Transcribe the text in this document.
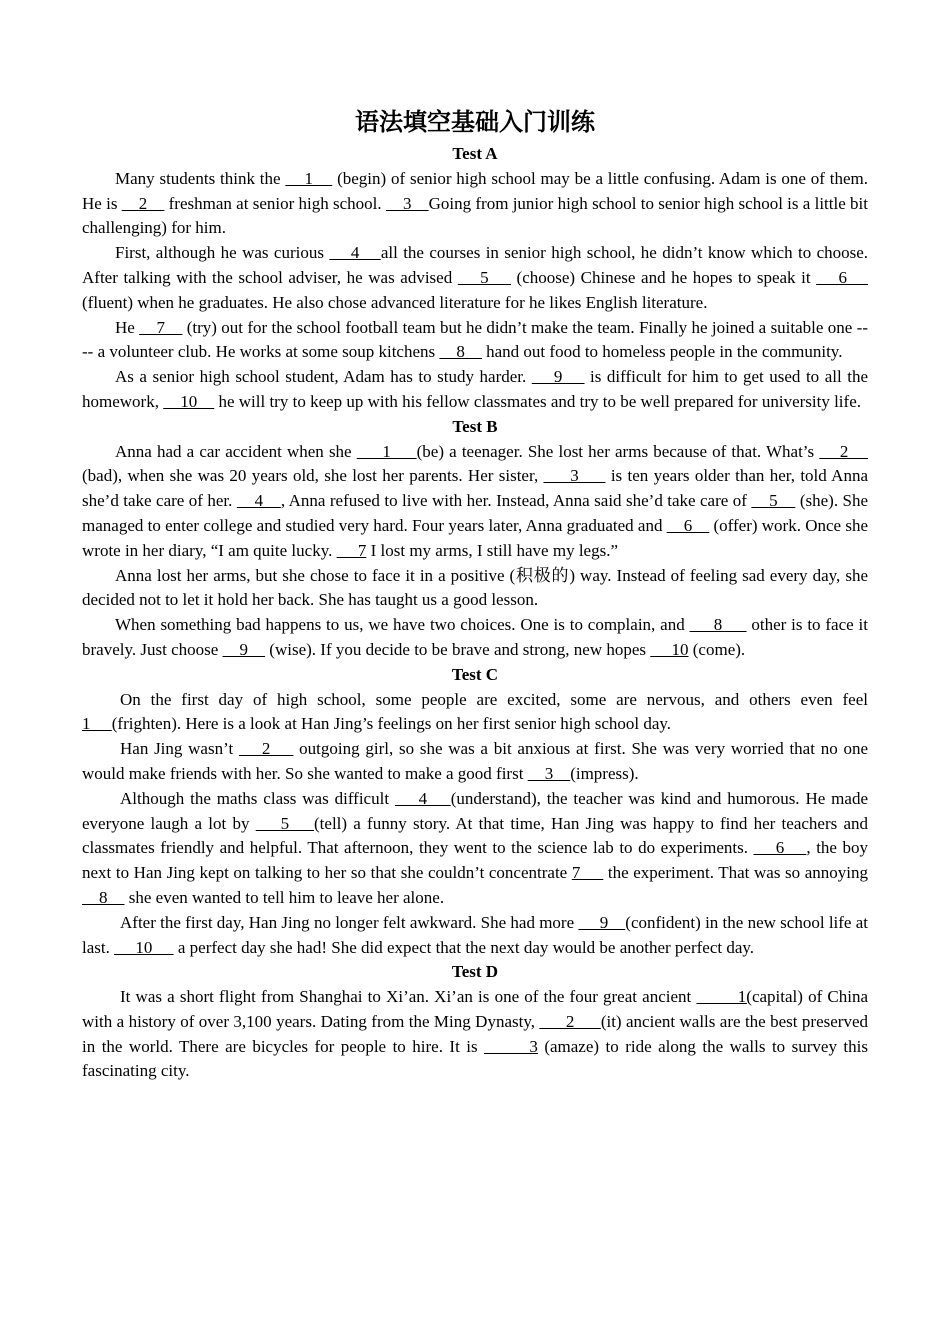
语法填空基础入门训练
Test A

Many students think the     1     (begin) of senior high school may be a little confusing. Adam is one of them. He is     2     freshman at senior high school.     3    Going from junior high school to senior high school is a little bit challenging) for him.

First, although he was curious     4    all the courses in senior high school, he didn’t know which to choose. After talking with the school adviser, he was advised     5     (choose) Chinese and he hopes to speak it     6     (fluent) when he graduates. He also chose advanced literature for he likes English literature.

He     7     (try) out for the school football team but he didn’t make the team. Finally he joined a suitable one ---- a volunteer club. He works at some soup kitchens     8     hand out food to homeless people in the community.

As a senior high school student, Adam has to study harder.     9     is difficult for him to get used to all the homework,     10     he will try to keep up with his fellow classmates and try to be well prepared for university life.

Test B

Anna had a car accident when she      1     (be) a teenager. She lost her arms because of that. What’s     2     (bad), when she was 20 years old, she lost her parents. Her sister,      3      is ten years older than her, told Anna she’d take care of her.     4    , Anna refused to live with her. Instead, Anna said she’d take care of     5     (she). She managed to enter college and studied very hard. Four years later, Anna graduated and     6     (offer) work. Once she wrote in her diary, “I am quite lucky.      7 I lost my arms, I still have my legs.”

Anna lost her arms, but she chose to face it in a positive (积极的) way. Instead of feeling sad every day, she decided not to let it hold her back. She has taught us a good lesson.

When something bad happens to us, we have two choices. One is to complain, and      8      other is to face it bravely. Just choose     9     (wise). If you decide to be brave and strong, new hopes      10 (come).

Test C

On the first day of high school, some people are excited, some are nervous, and others even feel 1     (frighten). Here is a look at Han Jing’s feelings on her first senior high school day.

Han Jing wasn’t     2     outgoing girl, so she was a bit anxious at first. She was very worried that no one would make friends with her. So she wanted to make a good first     3    (impress).

Although the maths class was difficult     4    (understand), the teacher was kind and humorous. He made everyone laugh a lot by     5    (tell) a funny story. At that time, Han Jing was happy to find her teachers and classmates friendly and helpful. That afternoon, they went to the science lab to do experiments.     6    , the boy next to Han Jing kept on talking to her so that she couldn’t concentrate 7      the experiment. That was so annoying     8     she even wanted to tell him to leave her alone.

After the first day, Han Jing no longer felt awkward. She had more      9    (confident) in the new school life at last.      10      a perfect day she had! She did expect that the next day would be another perfect day.

Test D

It was a short flight from Shanghai to Xi’an. Xi’an is one of the four great ancient         1(capital) of China with a history of over 3,100 years. Dating from the Ming Dynasty,       2      (it) ancient walls are the best preserved in the world. There are bicycles for people to hire. It is        3 (amaze) to ride along the walls to survey this fascinating city.
